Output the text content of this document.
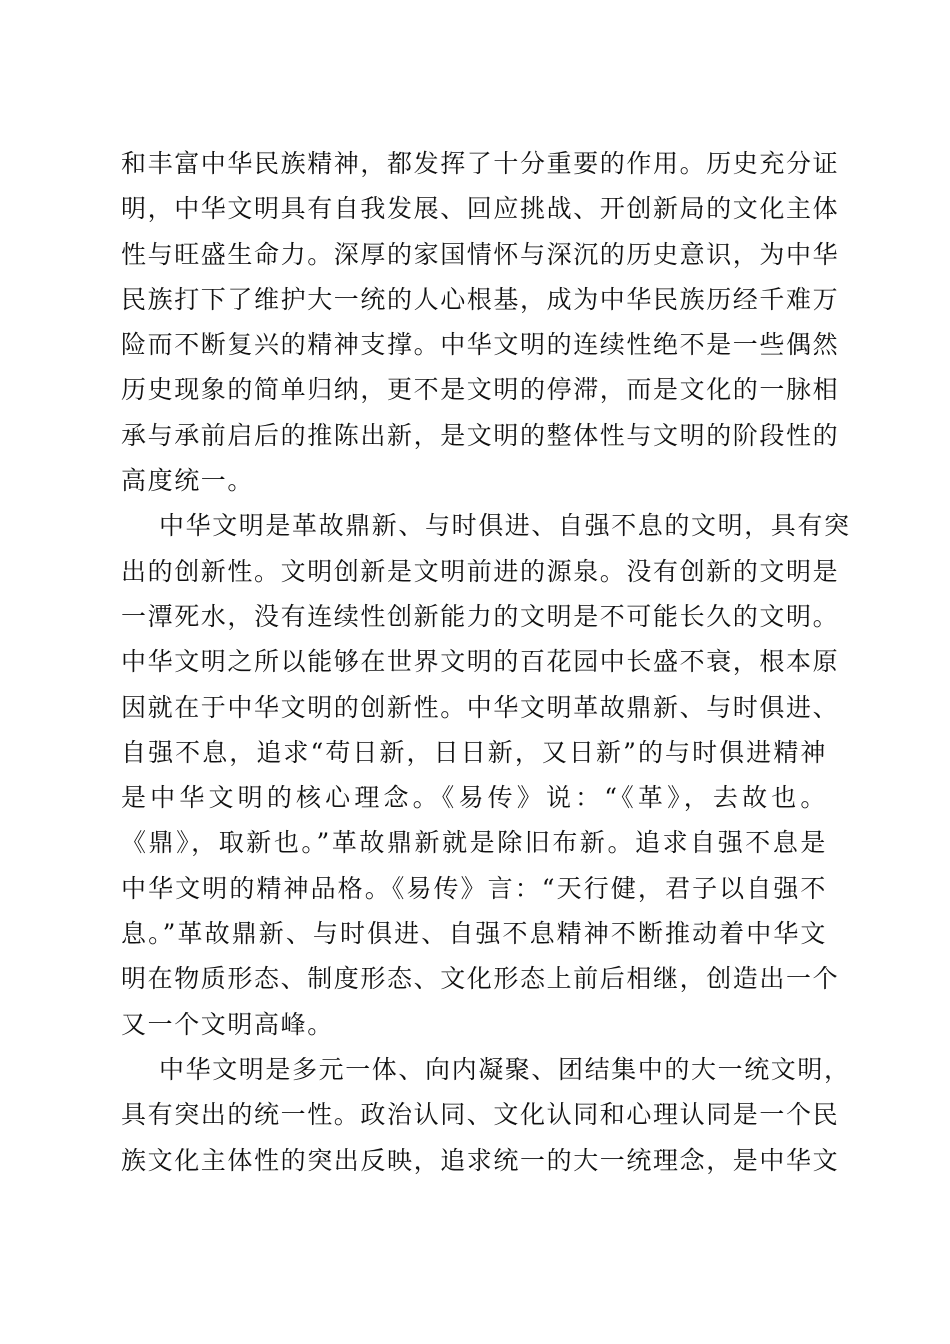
和丰富中华民族精神，都发挥了十分重要的作用。历史充分证
明，中华文明具有自我发展、回应挑战、开创新局的文化主体
性与旺盛生命力。深厚的家国情怀与深沉的历史意识，为中华
民族打下了维护大一统的人心根基，成为中华民族历经千难万
险而不断复兴的精神支撑。中华文明的连续性绝不是一些偶然
历史现象的简单归纳，更不是文明的停滞，而是文化的一脉相
承与承前启后的推陈出新，是文明的整体性与文明的阶段性的
高度统一。
中华文明是革故鼎新、与时俱进、自强不息的文明，具有突
出的创新性。文明创新是文明前进的源泉。没有创新的文明是
一潭死水，没有连续性创新能力的文明是不可能长久的文明。
中华文明之所以能够在世界文明的百花园中长盛不衰，根本原
因就在于中华文明的创新性。中华文明革故鼎新、与时俱进、
自强不息，追求“苟日新，日日新，又日新”的与时俱进精神
是中华文明的核心理念。《易传》说：“《革》，去故也。
《鼎》，取新也。”革故鼎新就是除旧布新。追求自强不息是
中华文明的精神品格。《易传》言：“天行健，君子以自强不
息。”革故鼎新、与时俱进、自强不息精神不断推动着中华文
明在物质形态、制度形态、文化形态上前后相继，创造出一个
又一个文明高峰。
中华文明是多元一体、向内凝聚、团结集中的大一统文明，
具有突出的统一性。政治认同、文化认同和心理认同是一个民
族文化主体性的突出反映，追求统一的大一统理念，是中华文
